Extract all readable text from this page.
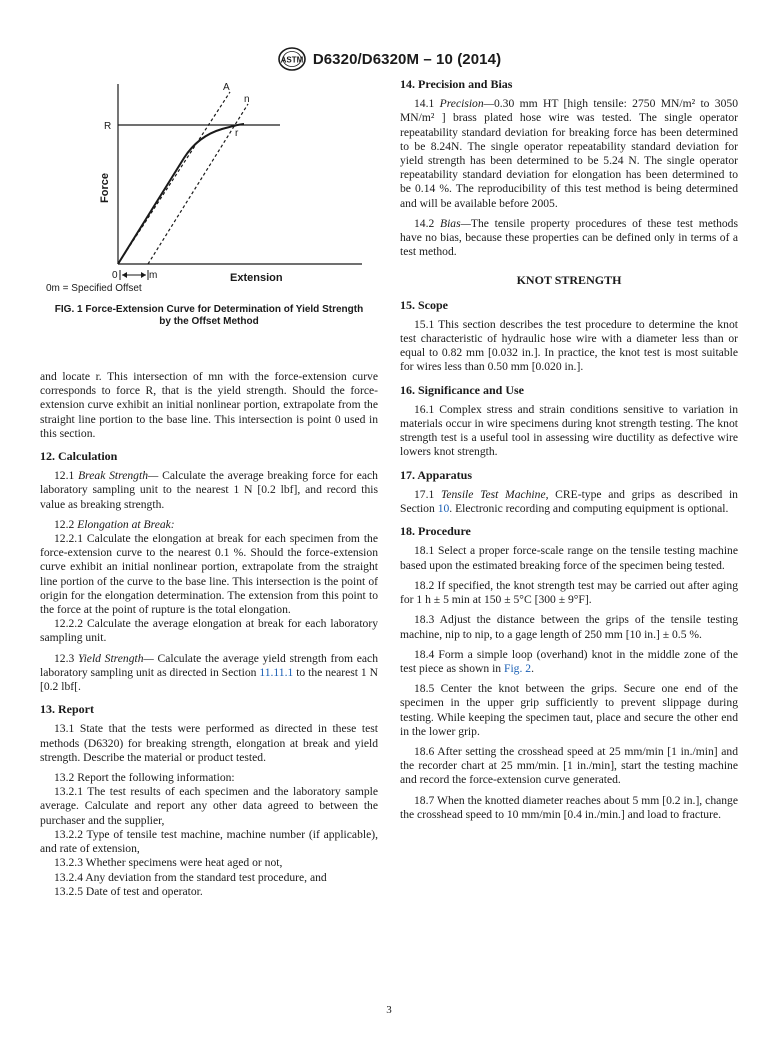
ASTM D6320/D6320M – 10 (2014)
R
A
n
r
Force
Extension
0	m
0m = Specified Offset
FIG. 1 Force-Extension Curve for Determination of Yield Strength
by the Offset Method

and locate r. This intersection of mn with the force-extension curve corresponds to force R, that is the yield strength. Should the force-extension curve exhibit an initial nonlinear portion, extrapolate from the straight line portion to the base line. This intersection is point 0 used in this section.

12. Calculation

12.1 Break Strength— Calculate the average breaking force for each laboratory sampling unit to the nearest 1 N [0.2 lbf], and record this value as breaking strength.

12.2 Elongation at Break:

12.2.1 Calculate the elongation at break for each specimen from the force-extension curve to the nearest 0.1 %. Should the force-extension curve exhibit an initial nonlinear portion, extrapolate from the straight line portion of the curve to the base line. This intersection is the point of origin for the elongation determination. The extension from this point to the force at the point of rupture is the total elongation.

12.2.2 Calculate the average elongation at break for each laboratory sampling unit.

12.3 Yield Strength— Calculate the average yield strength from each laboratory sampling unit as directed in Section 11.11.1 to the nearest 1 N [0.2 lbf[.

13. Report

13.1 State that the tests were performed as directed in these test methods (D6320) for breaking strength, elongation at break and yield strength. Describe the material or product tested.

13.2 Report the following information:

13.2.1 The test results of each specimen and the laboratory sample average. Calculate and report any other data agreed to between the purchaser and the supplier,

13.2.2 Type of tensile test machine, machine number (if applicable), and rate of extension,

13.2.3 Whether specimens were heat aged or not,

13.2.4 Any deviation from the standard test procedure, and

13.2.5 Date of test and operator.

14. Precision and Bias

14.1 Precision—0.30 mm HT [high tensile: 2750 MN/m² to 3050 MN/m² ] brass plated hose wire was tested. The single operator repeatability standard deviation for breaking force has been determined to be 8.24N. The single operator repeatability standard deviation for yield strength has been determined to be 5.24 N. The single operator repeatability standard deviation for elongation has been determined to be 0.14 %. The reproducibility of this test method is being determined and will be available before 2005.

14.2 Bias—The tensile property procedures of these test methods have no bias, because these properties can be defined only in terms of a test method.

KNOT STRENGTH
15. Scope

15.1 This section describes the test procedure to determine the knot test characteristic of hydraulic hose wire with a diameter less than or equal to 0.82 mm [0.032 in.]. In practice, the knot test is most suitable for wires less than 0.50 mm [0.020 in.].

16. Significance and Use

16.1 Complex stress and strain conditions sensitive to variation in materials occur in wire specimens during knot strength testing. The knot strength test is a useful tool in assessing wire ductility as defective wire lowers knot strength.

17. Apparatus

17.1 Tensile Test Machine, CRE-type and grips as described in Section 10. Electronic recording and computing equipment is optional.

18. Procedure

18.1 Select a proper force-scale range on the tensile testing machine based upon the estimated breaking force of the specimen being tested.

18.2 If specified, the knot strength test may be carried out after aging for 1 h ± 5 min at 150 ± 5°C [300 ± 9°F].

18.3 Adjust the distance between the grips of the tensile testing machine, nip to nip, to a gage length of 250 mm [10 in.] ± 0.5 %.

18.4 Form a simple loop (overhand) knot in the middle zone of the test piece as shown in Fig. 2.

18.5 Center the knot between the grips. Secure one end of the specimen in the upper grip sufficiently to prevent slippage during testing. While keeping the specimen taut, place and secure the other end in the lower grip.

18.6 After setting the crosshead speed at 25 mm/min [1 in./min] and the recorder chart at 25 mm/min. [1 in./min], start the testing machine and record the force-extension curve generated.

18.7 When the knotted diameter reaches about 5 mm [0.2 in.], change the crosshead speed to 10 mm/min [0.4 in./min.] and load to fracture.

3
